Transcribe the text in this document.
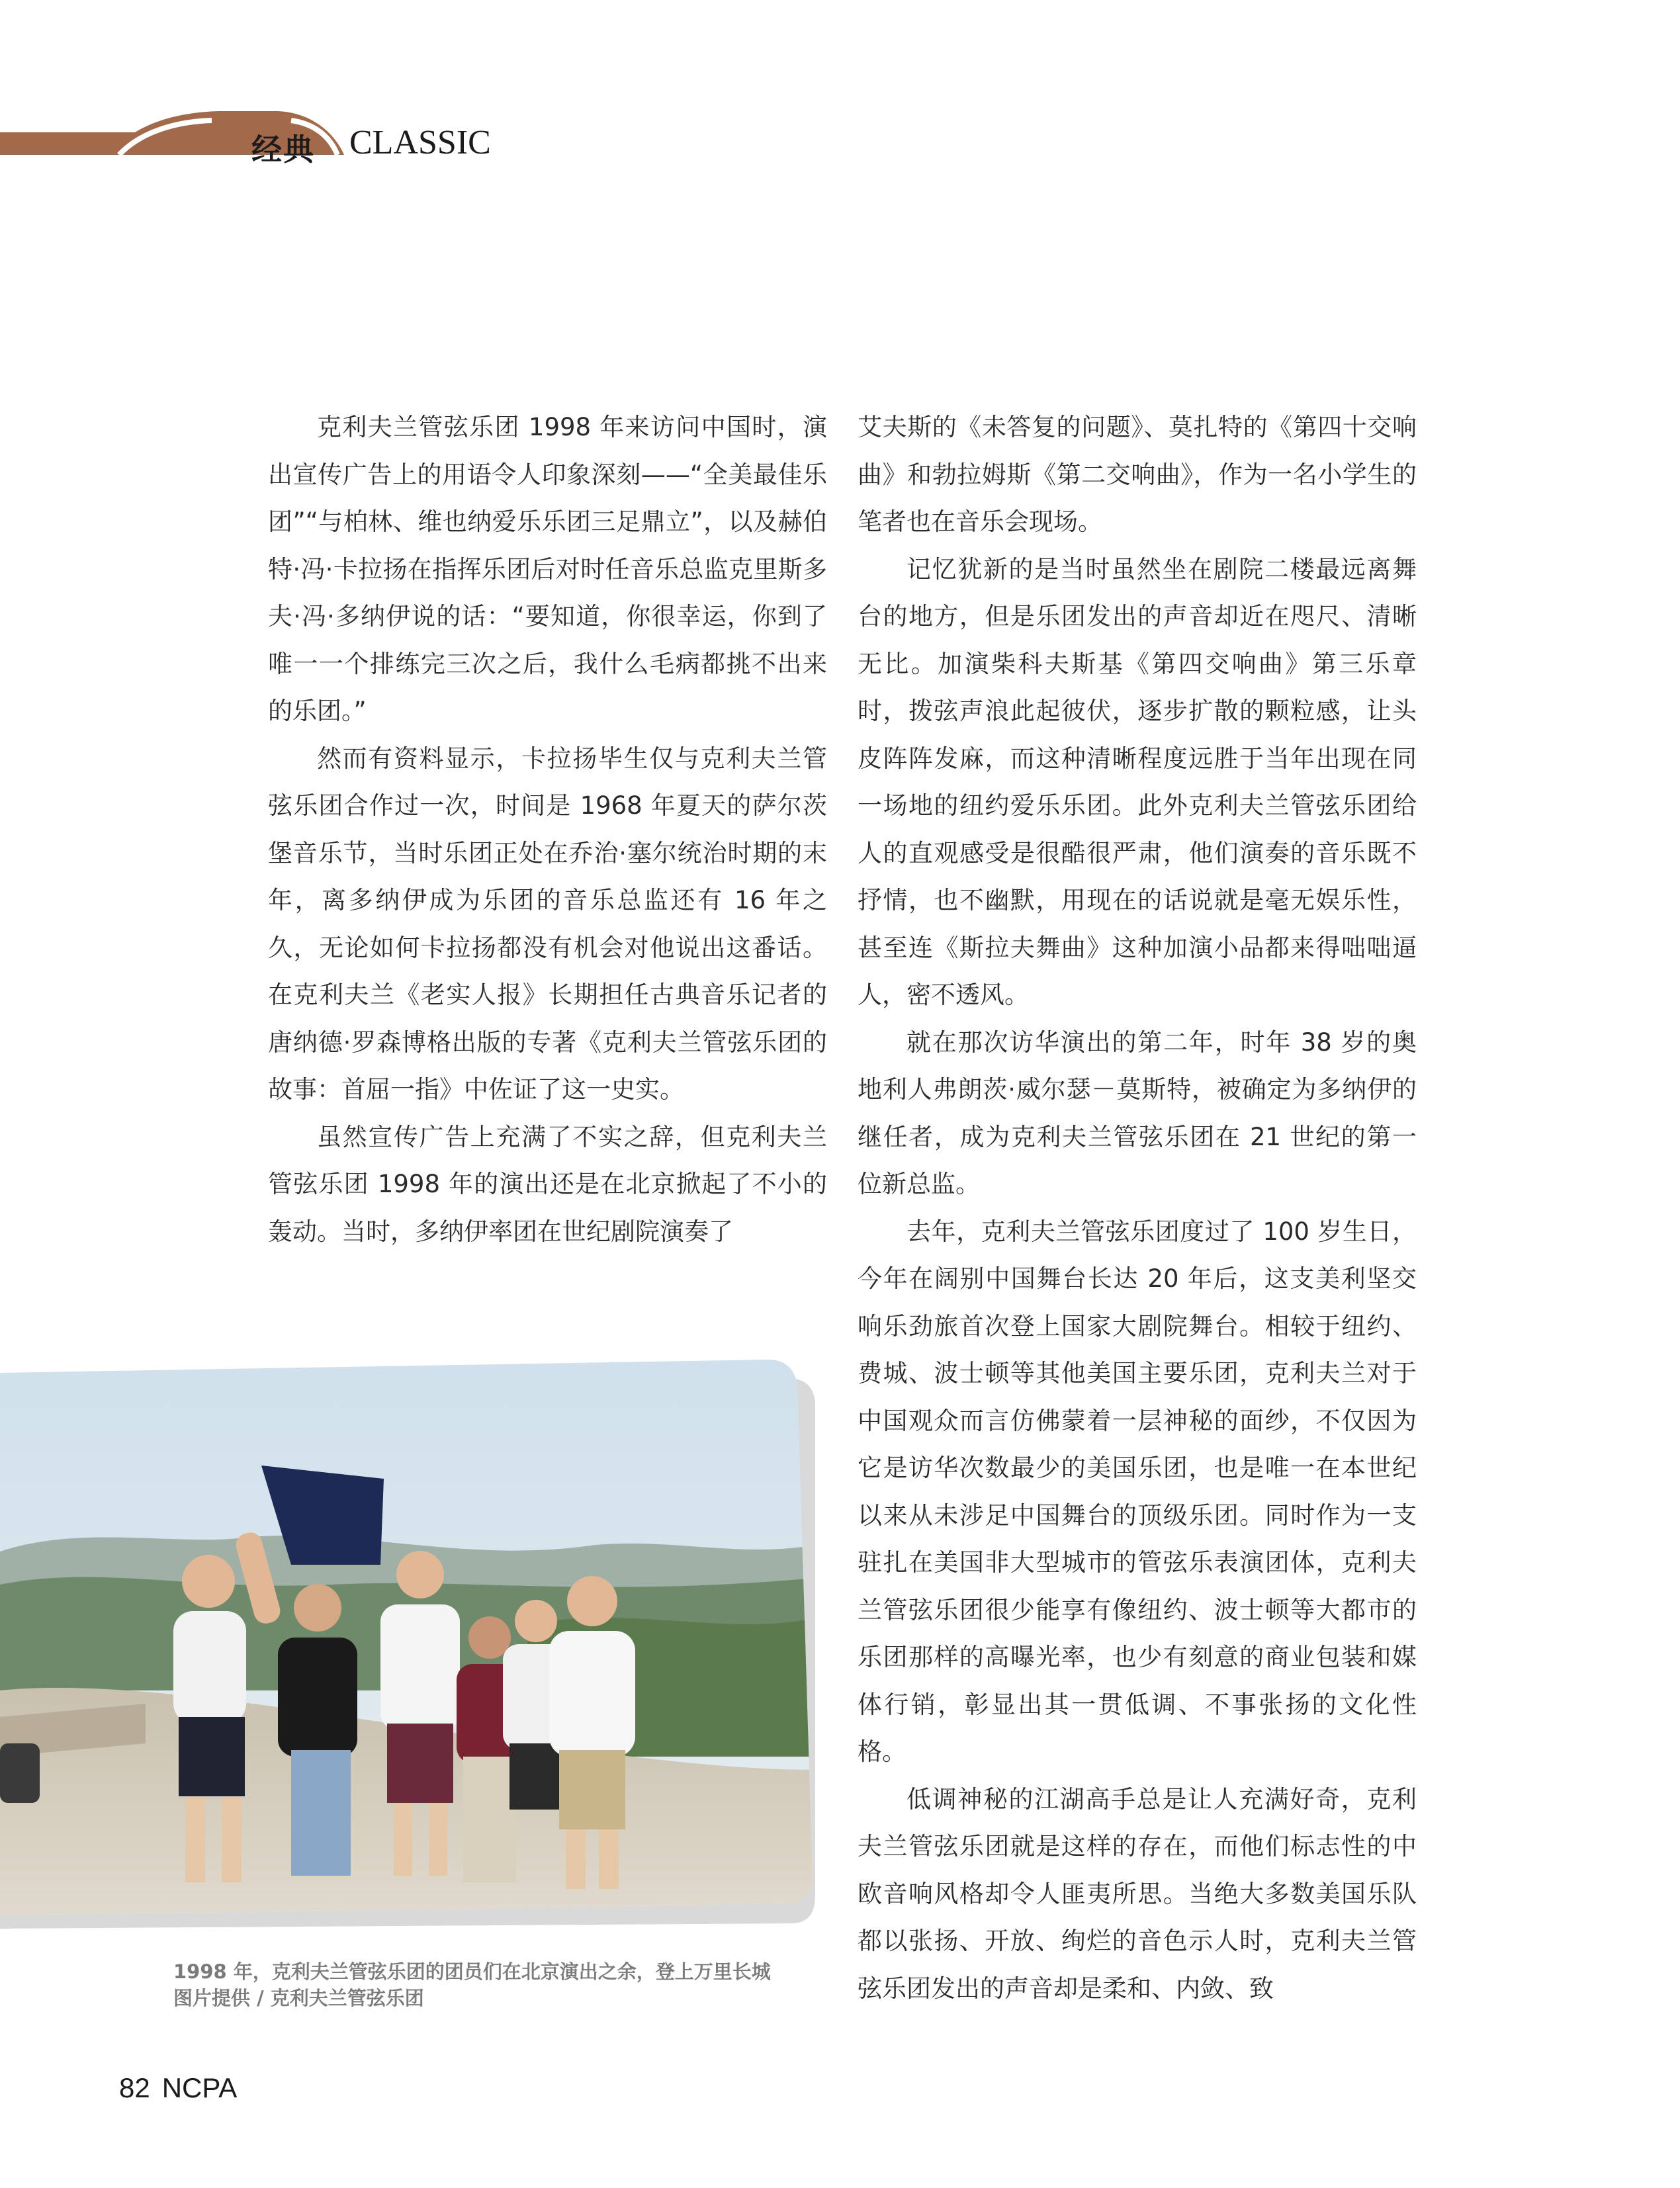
经典 CLASSIC

克利夫兰管弦乐团 1998 年来访问中国时，演出宣传广告上的用语令人印象深刻——“全美最佳乐团”“与柏林、维也纳爱乐乐团三足鼎立”，以及赫伯特·冯·卡拉扬在指挥乐团后对时任音乐总监克里斯多夫·冯·多纳伊说的话：“要知道，你很幸运，你到了唯一一个排练完三次之后，我什么毛病都挑不出来的乐团。”

然而有资料显示，卡拉扬毕生仅与克利夫兰管弦乐团合作过一次，时间是 1968 年夏天的萨尔茨堡音乐节，当时乐团正处在乔治·塞尔统治时期的末年，离多纳伊成为乐团的音乐总监还有 16 年之久，无论如何卡拉扬都没有机会对他说出这番话。在克利夫兰《老实人报》长期担任古典音乐记者的唐纳德·罗森博格出版的专著《克利夫兰管弦乐团的故事：首屈一指》中佐证了这一史实。

虽然宣传广告上充满了不实之辞，但克利夫兰管弦乐团 1998 年的演出还是在北京掀起了不小的轰动。当时，多纳伊率团在世纪剧院演奏了

艾夫斯的《未答复的问题》、莫扎特的《第四十交响曲》和勃拉姆斯《第二交响曲》，作为一名小学生的笔者也在音乐会现场。

记忆犹新的是当时虽然坐在剧院二楼最远离舞台的地方，但是乐团发出的声音却近在咫尺、清晰无比。加演柴科夫斯基《第四交响曲》第三乐章时，拨弦声浪此起彼伏，逐步扩散的颗粒感，让头皮阵阵发麻，而这种清晰程度远胜于当年出现在同一场地的纽约爱乐乐团。此外克利夫兰管弦乐团给人的直观感受是很酷很严肃，他们演奏的音乐既不抒情，也不幽默，用现在的话说就是毫无娱乐性，甚至连《斯拉夫舞曲》这种加演小品都来得咄咄逼人，密不透风。

就在那次访华演出的第二年，时年 38 岁的奥地利人弗朗茨·威尔瑟－莫斯特，被确定为多纳伊的继任者，成为克利夫兰管弦乐团在 21 世纪的第一位新总监。

去年，克利夫兰管弦乐团度过了 100 岁生日，今年在阔别中国舞台长达 20 年后，这支美利坚交响乐劲旅首次登上国家大剧院舞台。相较于纽约、费城、波士顿等其他美国主要乐团，克利夫兰对于中国观众而言仿佛蒙着一层神秘的面纱，不仅因为它是访华次数最少的美国乐团，也是唯一在本世纪以来从未涉足中国舞台的顶级乐团。同时作为一支驻扎在美国非大型城市的管弦乐表演团体，克利夫兰管弦乐团很少能享有像纽约、波士顿等大都市的乐团那样的高曝光率，也少有刻意的商业包装和媒体行销，彰显出其一贯低调、不事张扬的文化性格。

低调神秘的江湖高手总是让人充满好奇，克利夫兰管弦乐团就是这样的存在，而他们标志性的中欧音响风格却令人匪夷所思。当绝大多数美国乐队都以张扬、开放、绚烂的音色示人时，克利夫兰管弦乐团发出的声音却是柔和、内敛、致

1998 年，克利夫兰管弦乐团的团员们在北京演出之余，登上万里长城
图片提供 / 克利夫兰管弦乐团
82 NCPA
